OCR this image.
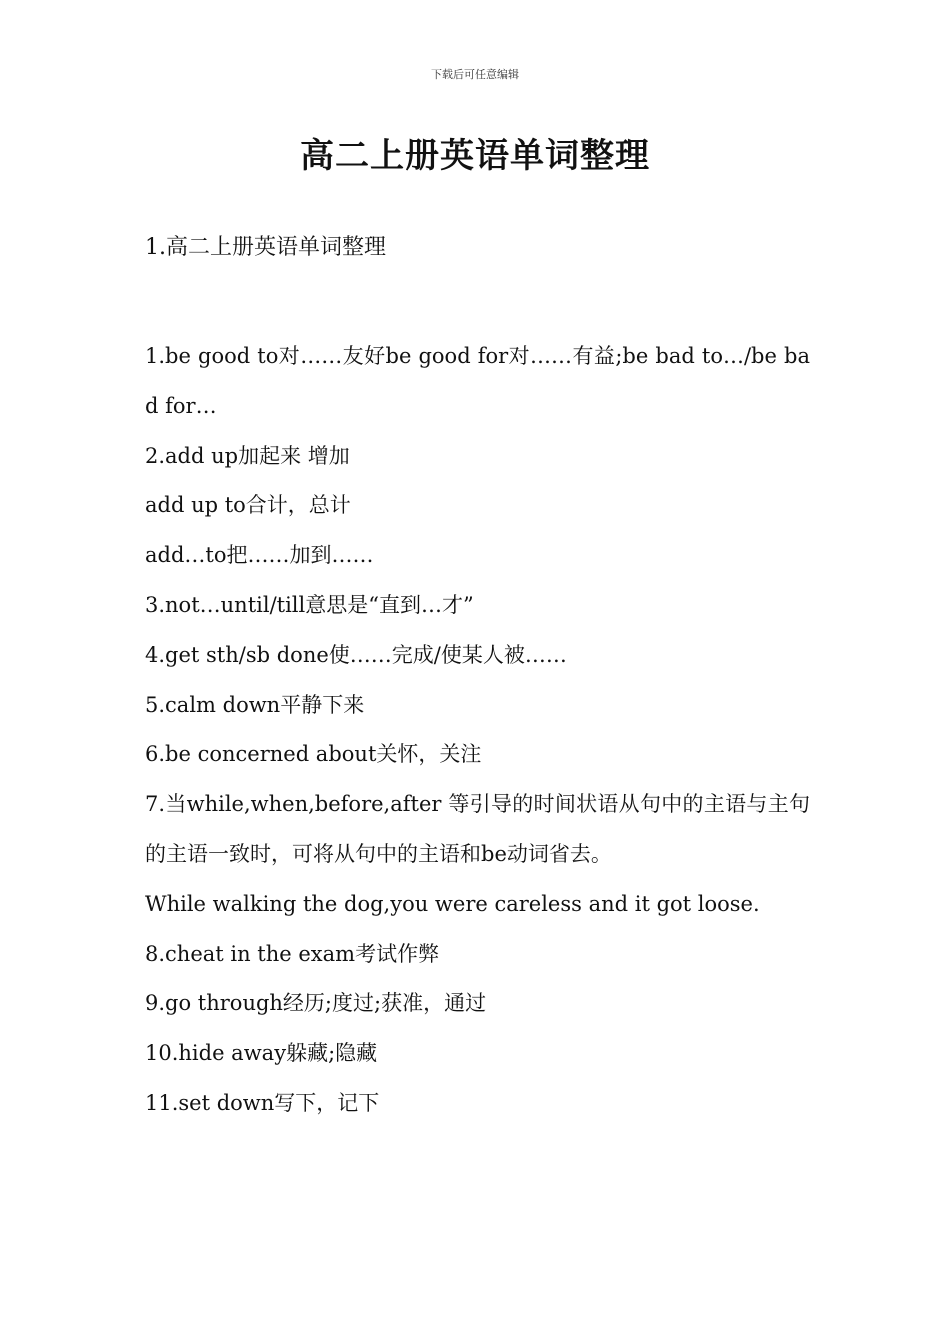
下载后可任意编辑
高二上册英语单词整理

1.高二上册英语单词整理

1.be good to对……友好be good for对……有益;be bad to…/be bad for…

2.add up加起来 增加

add up to合计，总计

add…to把……加到……

3.not…until/till意思是“直到…才”

4.get sth/sb done使……完成/使某人被……

5.calm down平静下来

6.be concerned about关怀，关注

7.当while,when,before,after 等引导的时间状语从句中的主语与主句的主语一致时，可将从句中的主语和be动词省去。

While walking the dog,you were careless and it got loose.

8.cheat in the exam考试作弊

9.go through经历;度过;获准，通过

10.hide away躲藏;隐藏

11.set down写下，记下
